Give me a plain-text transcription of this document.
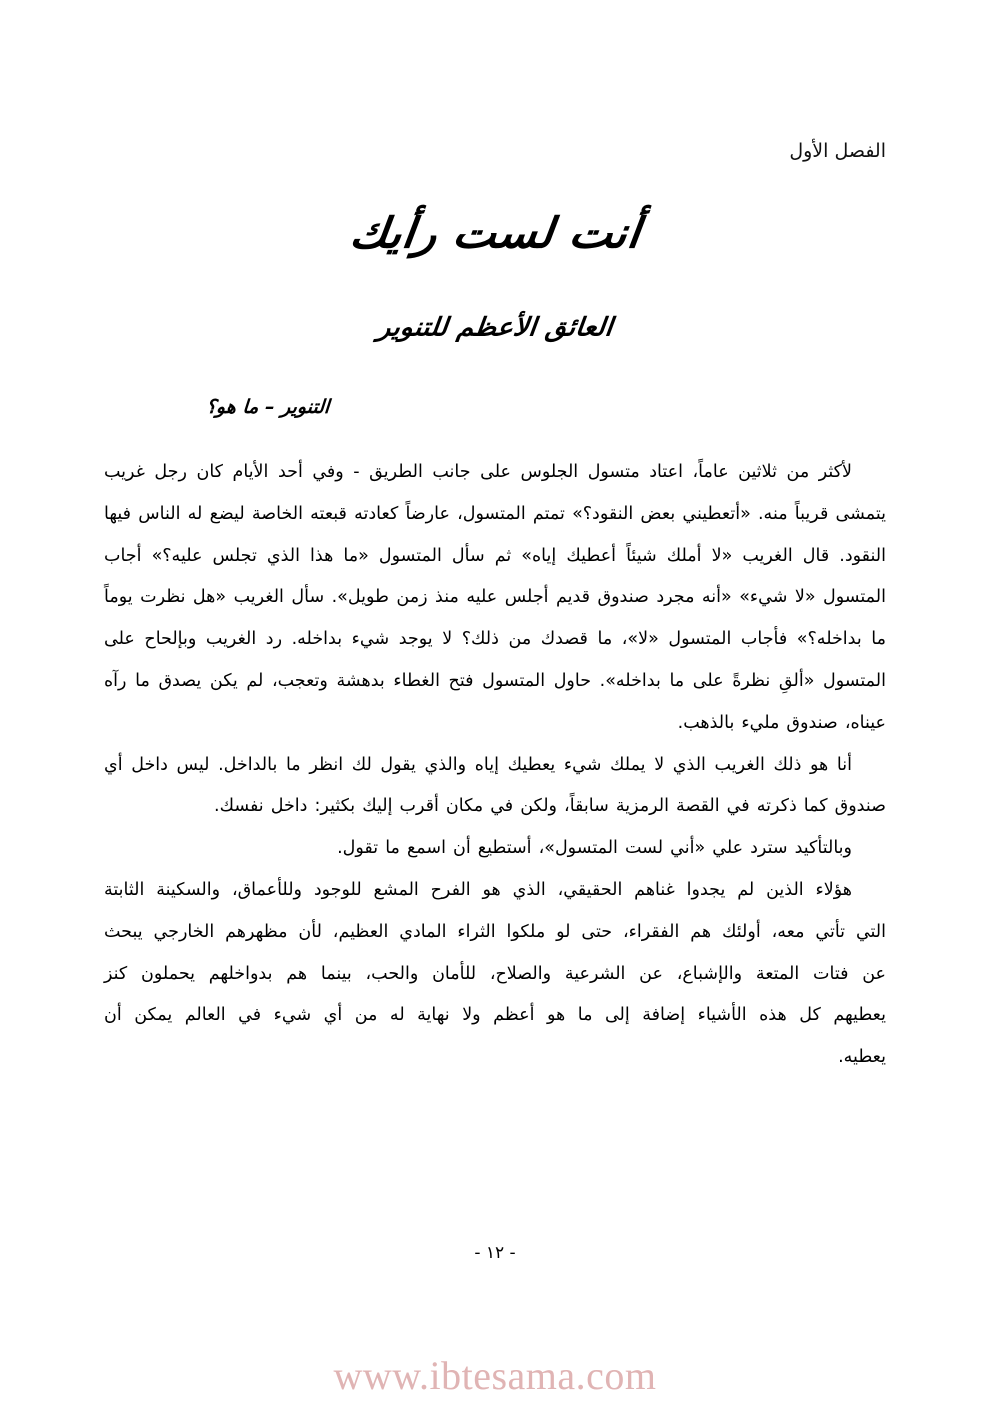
الفصل الأول
أنت لست رأيك
العائق الأعظم للتنوير
التنوير – ما هو؟

لأكثر من ثلاثين عاماً، اعتاد متسول الجلوس على جانب الطريق - وفي أحد الأيام كان رجل غريب يتمشى قريباً منه. «أتعطيني بعض النقود؟» تمتم المتسول، عارضاً كعادته قبعته الخاصة ليضع له الناس فيها النقود. قال الغريب «لا أملك شيئاً أعطيك إياه» ثم سأل المتسول «ما هذا الذي تجلس عليه؟» أجاب المتسول «لا شيء» «أنه مجرد صندوق قديم أجلس عليه منذ زمن طويل». سأل الغريب «هل نظرت يوماً ما بداخله؟» فأجاب المتسول «لا»، ما قصدك من ذلك؟ لا يوجد شيء بداخله. رد الغريب وبإلحاح على المتسول «ألقِ نظرةً على ما بداخله». حاول المتسول فتح الغطاء بدهشة وتعجب، لم يكن يصدق ما رآه عيناه، صندوق مليء بالذهب.

أنا هو ذلك الغريب الذي لا يملك شيء يعطيك إياه والذي يقول لك انظر ما بالداخل. ليس داخل أي صندوق كما ذكرته في القصة الرمزية سابقاً، ولكن في مكان أقرب إليك بكثير: داخل نفسك.

وبالتأكيد سترد علي «أني لست المتسول»، أستطيع أن اسمع ما تقول.

هؤلاء الذين لم يجدوا غناهم الحقيقي، الذي هو الفرح المشع للوجود وللأعماق، والسكينة الثابتة التي تأتي معه، أولئك هم الفقراء، حتى لو ملكوا الثراء المادي العظيم، لأن مظهرهم الخارجي يبحث عن فتات المتعة والإشباع، عن الشرعية والصلاح، للأمان والحب، بينما هم بدواخلهم يحملون كنز يعطيهم كل هذه الأشياء إضافة إلى ما هو أعظم ولا نهاية له من أي شيء في العالم يمكن أن يعطيه.

- ١٢ -
www.ibtesama.com
